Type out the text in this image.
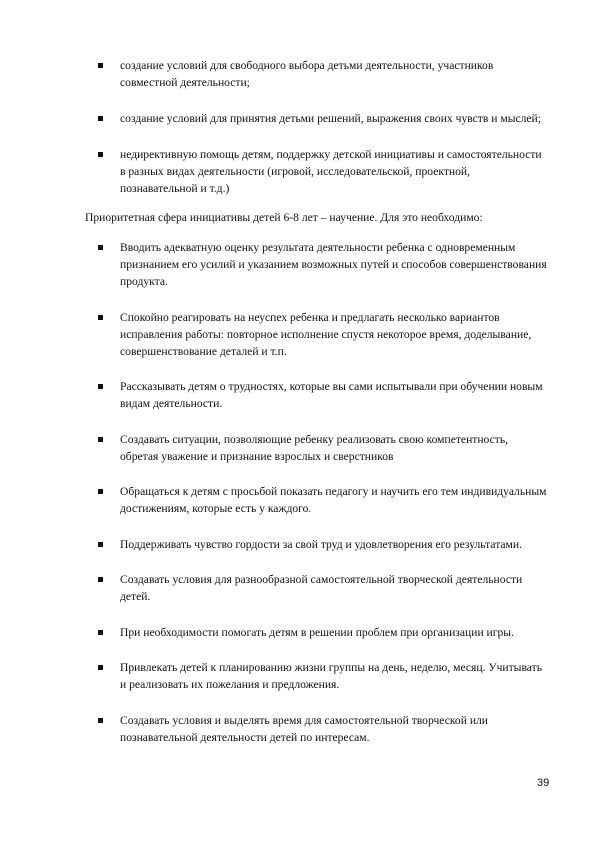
создание условий для свободного выбора детьми деятельности, участников совместной деятельности;
создание условий для принятия детьми решений, выражения своих чувств и мыслей;
недирективную помощь детям, поддержку детской инициативы и самостоятельности в разных видах деятельности (игровой, исследовательской, проектной, познавательной и т.д.)

Приоритетная сфера инициативы детей 6-8 лет – научение. Для это необходимо:

Вводить адекватную оценку результата деятельности ребенка с одновременным признанием его усилий и указанием возможных путей и способов совершенствования продукта.
Спокойно реагировать на неуспех ребенка и предлагать несколько вариантов исправления работы: повторное исполнение спустя некоторое время, доделывание, совершенствование деталей и т.п.
Рассказывать детям о трудностях, которые вы сами испытывали при обучении новым видам деятельности.
Создавать ситуации, позволяющие ребенку реализовать свою компетентность, обретая уважение и признание взрослых и сверстников
Обращаться к детям с просьбой показать педагогу и научить его тем индивидуальным достижениям, которые есть у каждого.
Поддерживать чувство гордости за свой труд и удовлетворения его результатами.
Создавать условия для разнообразной самостоятельной творческой деятельности детей.
При необходимости помогать детям в решении проблем при организации игры.
Привлекать детей к планированию жизни группы на день, неделю, месяц. Учитывать и реализовать их пожелания и предложения.
Создавать условия и выделять время для самостоятельной творческой или познавательной деятельности детей по интересам.
39
